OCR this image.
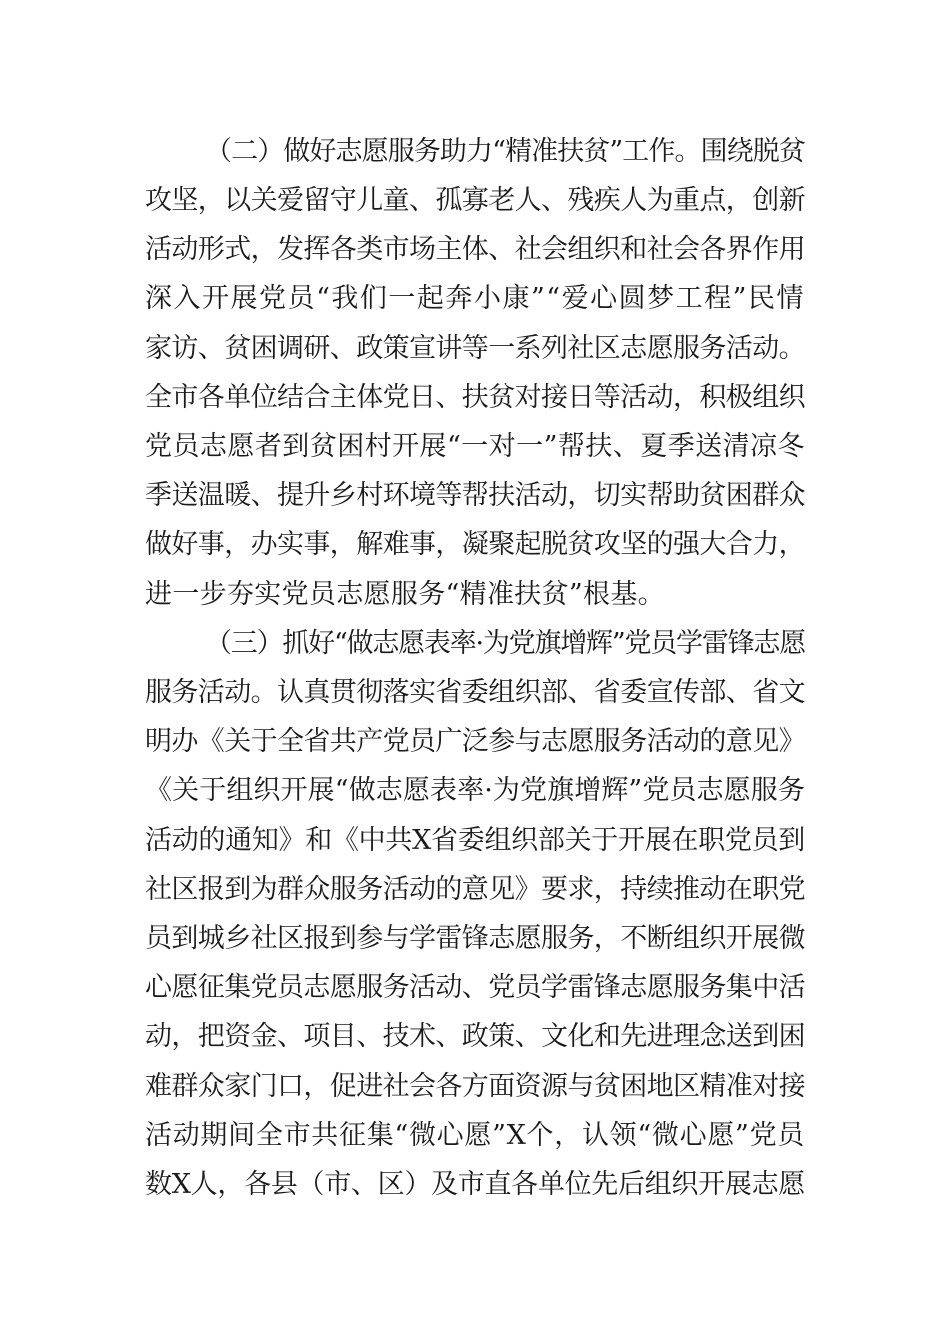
（二）做好志愿服务助力“精准扶贫”工作。围绕脱贫
攻坚，以关爱留守儿童、孤寡老人、残疾人为重点，创新
活动形式，发挥各类市场主体、社会组织和社会各界作用
深入开展党员“我们一起奔小康”“爱心圆梦工程”民情
家访、贫困调研、政策宣讲等一系列社区志愿服务活动。
全市各单位结合主体党日、扶贫对接日等活动，积极组织
党员志愿者到贫困村开展“一对一”帮扶、夏季送清凉冬
季送温暖、提升乡村环境等帮扶活动，切实帮助贫困群众
做好事，办实事，解难事，凝聚起脱贫攻坚的强大合力，
进一步夯实党员志愿服务“精准扶贫”根基。
（三）抓好“做志愿表率·为党旗增辉”党员学雷锋志愿
服务活动。认真贯彻落实省委组织部、省委宣传部、省文
明办《关于全省共产党员广泛参与志愿服务活动的意见》
《关于组织开展“做志愿表率·为党旗增辉”党员志愿服务
活动的通知》和《中共X省委组织部关于开展在职党员到
社区报到为群众服务活动的意见》要求，持续推动在职党
员到城乡社区报到参与学雷锋志愿服务，不断组织开展微
心愿征集党员志愿服务活动、党员学雷锋志愿服务集中活
动，把资金、项目、技术、政策、文化和先进理念送到困
难群众家门口，促进社会各方面资源与贫困地区精准对接
活动期间全市共征集“微心愿”X个，认领“微心愿”党员
数X人，各县（市、区）及市直各单位先后组织开展志愿
